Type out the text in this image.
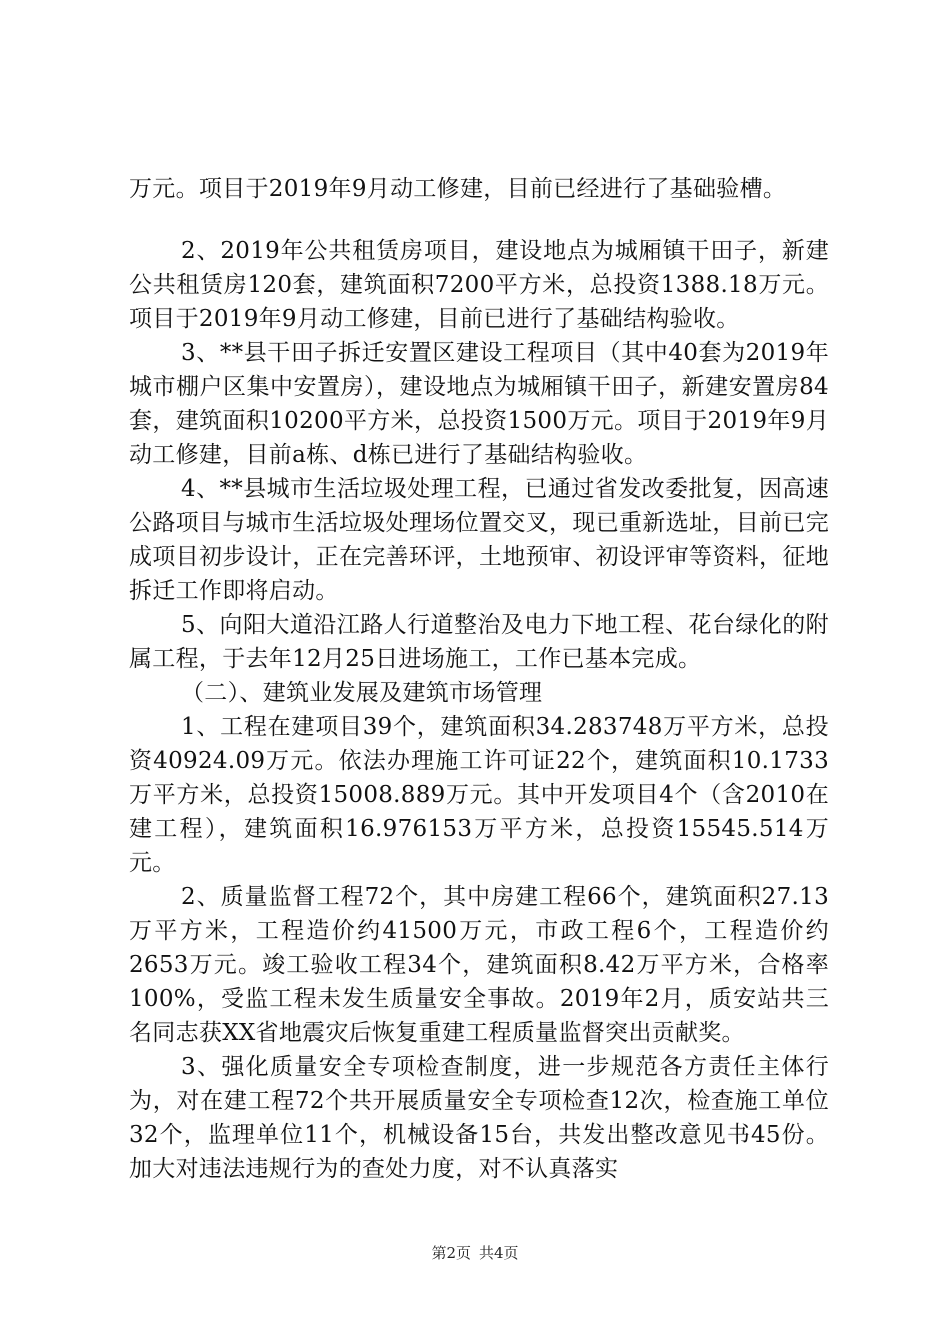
万元。项目于2019年9月动工修建，目前已经进行了基础验槽。

2、2019年公共租赁房项目，建设地点为城厢镇干田子，新建公共租赁房120套，建筑面积7200平方米，总投资1388.18万元。项目于2019年9月动工修建，目前已进行了基础结构验收。

3、**县干田子拆迁安置区建设工程项目（其中40套为2019年城市棚户区集中安置房），建设地点为城厢镇干田子，新建安置房84套，建筑面积10200平方米，总投资1500万元。项目于2019年9月动工修建，目前a栋、d栋已进行了基础结构验收。

4、**县城市生活垃圾处理工程，已通过省发改委批复，因高速公路项目与城市生活垃圾处理场位置交叉，现已重新选址，目前已完成项目初步设计，正在完善环评，土地预审、初设评审等资料，征地拆迁工作即将启动。

5、向阳大道沿江路人行道整治及电力下地工程、花台绿化的附属工程，于去年12月25日进场施工，工作已基本完成。

（二）、建筑业发展及建筑市场管理

1、工程在建项目39个，建筑面积34.283748万平方米，总投资40924.09万元。依法办理施工许可证22个，建筑面积10.1733万平方米，总投资15008.889万元。其中开发项目4个（含2010在建工程），建筑面积16.976153万平方米，总投资15545.514万元。

2、质量监督工程72个，其中房建工程66个，建筑面积27.13万平方米，工程造价约41500万元，市政工程6个，工程造价约2653万元。竣工验收工程34个，建筑面积8.42万平方米，合格率100%，受监工程未发生质量安全事故。2019年2月，质安站共三名同志获XX省地震灾后恢复重建工程质量监督突出贡献奖。

3、强化质量安全专项检查制度，进一步规范各方责任主体行为，对在建工程72个共开展质量安全专项检查12次，检查施工单位32个，监理单位11个，机械设备15台，共发出整改意见书45份。加大对违法违规行为的查处力度，对不认真落实

第2页 共4页
